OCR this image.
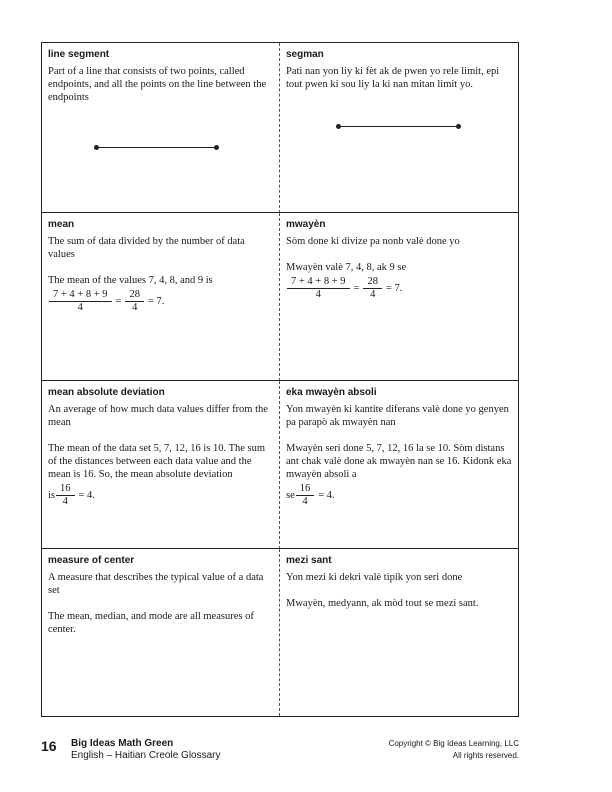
line segment

Part of a line that consists of two points, called endpoints, and all the points on the line between the endpoints

segman

Pati nan yon liy ki fèt ak de pwen yo rele limit, epi tout pwen ki sou liy la ki nan mitan limit yo.

mean

The sum of data divided by the number of data values

The mean of the values 7, 4, 8, and 9 is

$\frac{7 + 4 + 8 + 9}{4} = \frac{28}{4} = 7$.

mwayèn

Sòm done ki divize pa nonb valè done yo

Mwayèn valè 7, 4, 8, ak 9 se

$\frac{7 + 4 + 8 + 9}{4} = \frac{28}{4} = 7$.

mean absolute deviation

An average of how much data values differ from the mean

The mean of the data set 5, 7, 12, 16 is 10. The sum of the distances between each data value and the mean is 16. So, the mean absolute deviation

is $\frac{16}{4} = 4$.

eka mwayèn absoli

Yon mwayèn ki kantite diferans valè done yo genyen pa parapò ak mwayèn nan

Mwayèn seri done 5, 7, 12, 16 la se 10. Sòm distans ant chak valè done ak mwayèn nan se 16. Kidonk eka mwayèn absoli a

se $\frac{16}{4} = 4$.

measure of center

A measure that describes the typical value of a data set

The mean, median, and mode are all measures of center.

mezi sant

Yon mezi ki dekri valè tipik yon seri done

Mwayèn, medyann, ak mòd tout se mezi sant.

16 Big Ideas Math Green
English – Haitian Creole Glossary
Copyright © Big Ideas Learning, LLC
All rights reserved.
